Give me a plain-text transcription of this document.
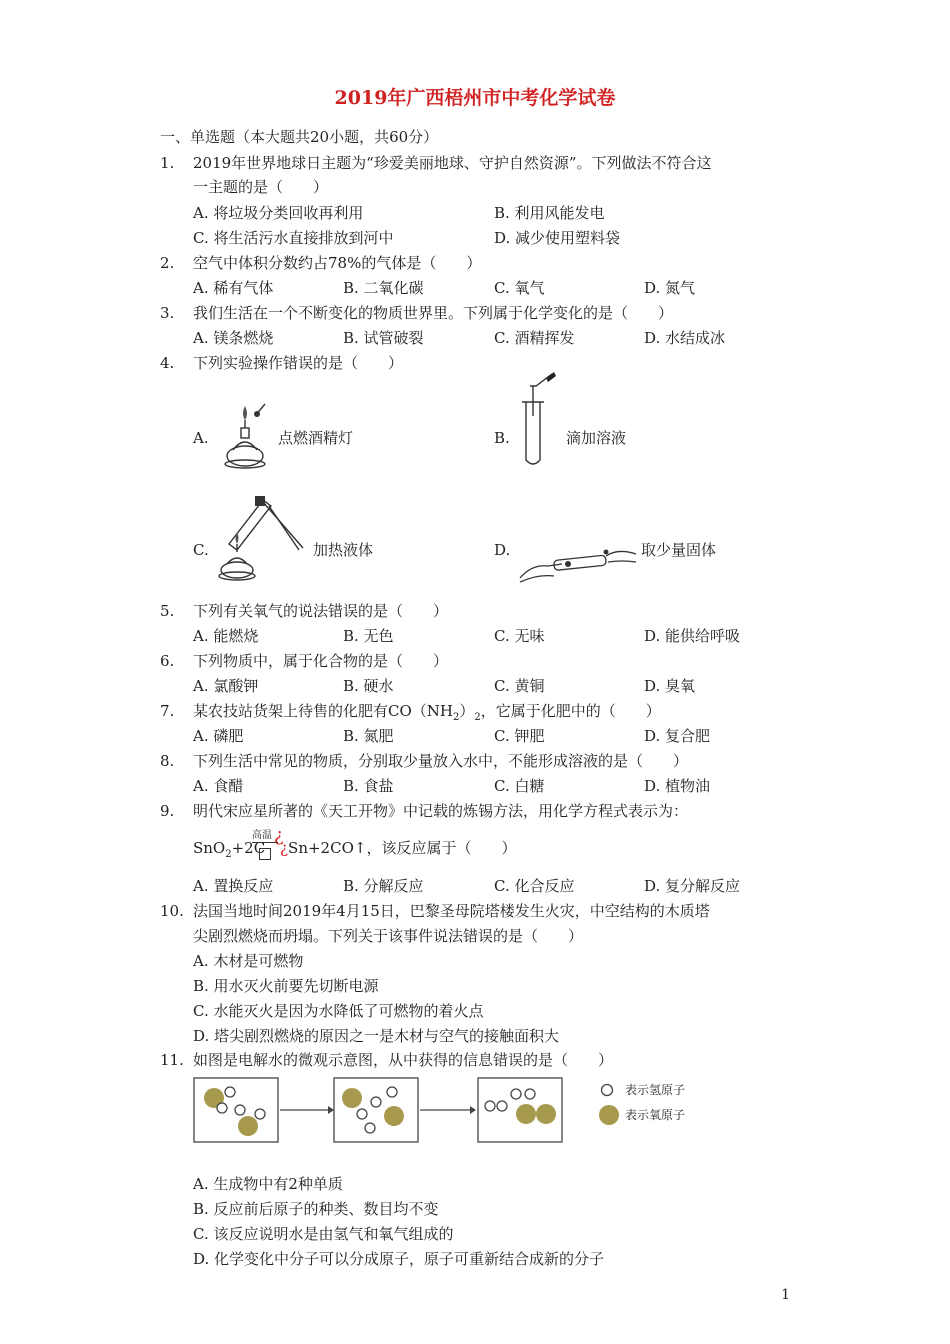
2019年广西梧州市中考化学试卷
一、单选题（本大题共20小题，共60分）
1. 2019年世界地球日主题为“珍爱美丽地球、守护自然资源”。下列做法不符合这
一主题的是（　　）
A. 将垃圾分类回收再利用	B. 利用风能发电
C. 将生活污水直接排放到河中	D. 减少使用塑料袋
2. 空气中体积分数约占78%的气体是（　　）
A. 稀有气体	B. 二氧化碳	C. 氧气	D. 氮气
3. 我们生活在一个不断变化的物质世界里。下列属于化学变化的是（　　）
A. 镁条燃烧	B. 试管破裂	C. 酒精挥发	D. 水结成冰
4. 下列实验操作错误的是（　　）
A.	点燃酒精灯	B.	滴加溶液
C.	加热液体	D.	取少量固体
5. 下列有关氧气的说法错误的是（　　）
A. 能燃烧	B. 无色	C. 无味	D. 能供给呼吸
6. 下列物质中，属于化合物的是（　　）
A. 氯酸钾	B. 硬水	C. 黄铜	D. 臭氧
7. 某农技站货架上待售的化肥有$CO(NH_2)_2$，它属于化肥中的（　　）
A. 磷肥	B. 氮肥	C. 钾肥	D. 复合肥
8. 下列生活中常见的物质，分别取少量放入水中，不能形成溶液的是（　　）
A. 食醋	B. 食盐	C. 白糖	D. 植物油
9. 明代宋应星所著的《天工开物》中记载的炼锡方法，用化学方程式表示为：
SnO$_2$+2C
高温 ¿
¿Sn+2CO↑，该反应属于（　　）
A. 置换反应	B. 分解反应	C. 化合反应	D. 复分解反应
10. 法国当地时间2019年4月15日，巴黎圣母院塔楼发生火灾，中空结构的木质塔
尖剧烈燃烧而坍塌。下列关于该事件说法错误的是（　　）
A. 木材是可燃物
B. 用水灭火前要先切断电源
C. 水能灭火是因为水降低了可燃物的着火点
D. 塔尖剧烈燃烧的原因之一是木材与空气的接触面积大
11. 如图是电解水的微观示意图，从中获得的信息错误的是（　　）
表示氢原子
表示氧原子
A. 生成物中有2种单质
B. 反应前后原子的种类、数目均不变
C. 该反应说明水是由氢气和氧气组成的
D. 化学变化中分子可以分成原子，原子可重新结合成新的分子
1
